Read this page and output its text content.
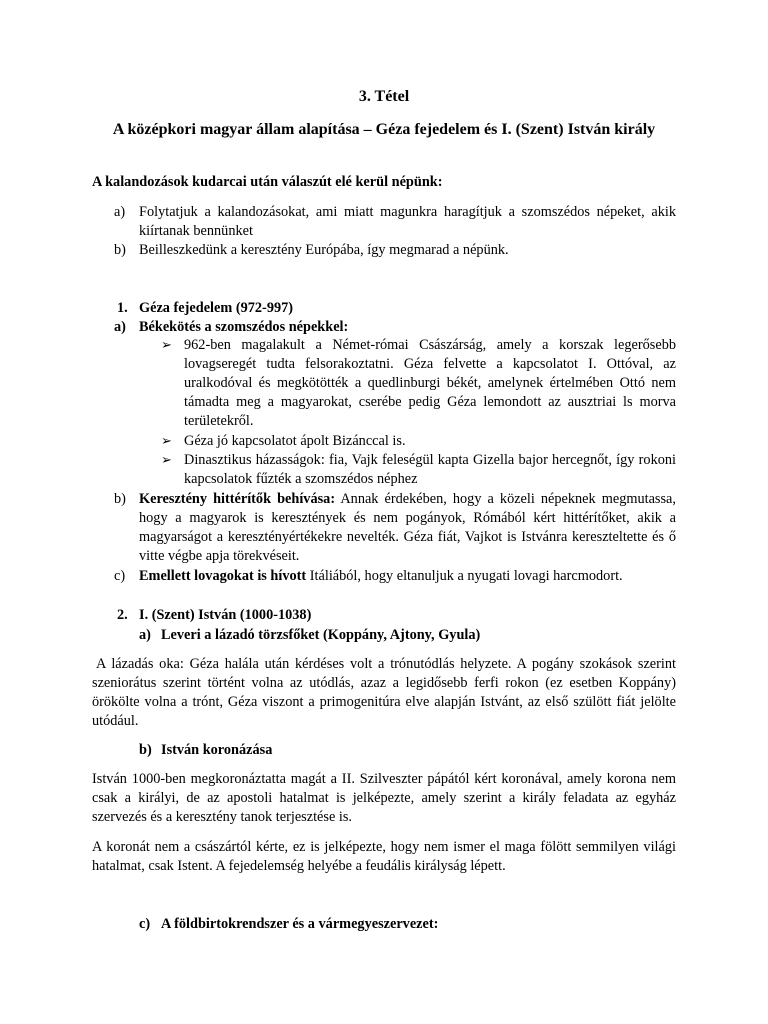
3. Tétel
A középkori magyar állam alapítása – Géza fejedelem és I. (Szent) István király
A kalandozások kudarcai után válaszút elé kerül népünk:
a) Folytatjuk a kalandozásokat, ami miatt magunkra haragítjuk a szomszédos népeket, akik kiírtanak bennünket
b) Beilleszkedünk a keresztény Európába, így megmarad a népünk.
1. Géza fejedelem (972-997)
a) Békekötés a szomszédos népekkel:
➢ 962-ben magalakult a Német-római Császárság, amely a korszak legerősebb lovagseregét tudta felsorakoztatni. Géza felvette a kapcsolatot I. Ottóval, az uralkodóval és megkötötték a quedlinburgi békét, amelynek értelmében Ottó nem támadta meg a magyarokat, cserébe pedig Géza lemondott az ausztriai ls morva területekről.
➢ Géza jó kapcsolatot ápolt Bizánccal is.
➢ Dinasztikus házasságok: fia, Vajk feleségül kapta Gizella bajor hercegnőt, így rokoni kapcsolatok fűzték a szomszédos néphez
b) Keresztény hittérítők behívása: Annak érdekében, hogy a közeli népeknek megmutassa, hogy a magyarok is keresztények és nem pogányok, Rómából kért hittérítőket, akik a magyarságot a keresztényértékekre nevelték. Géza fiát, Vajkot is Istvánra kereszteltette és ő vitte végbe apja törekvéseit.
c) Emellett lovagokat is hívott Itáliából, hogy eltanuljuk a nyugati lovagi harcmodort.
2. I. (Szent) István (1000-1038)
a) Leveri a lázadó törzsfőket (Koppány, Ajtony, Gyula)
A lázadás oka: Géza halála után kérdéses volt a trónutódlás helyzete. A pogány szokások szerint szeniorátus szerint történt volna az utódlás, azaz a legidősebb ferfi rokon (ez esetben Koppány) örökölte volna a trónt, Géza viszont a primogenitúra elve alapján Istvánt, az első szülött fiát jelölte utódául.
b) István koronázása
István 1000-ben megkoronáztatta magát a II. Szilveszter pápától kért koronával, amely korona nem csak a királyi, de az apostoli hatalmat is jelképezte, amely szerint a király feladata az egyház szervezés és a keresztény tanok terjesztése is.
A koronát nem a császártól kérte, ez is jelképezte, hogy nem ismer el maga fölött semmilyen világi hatalmat, csak Istent. A fejedelemség helyébe a feudális királyság lépett.
c) A földbirtokrendszer és a vármegyeszervezet:
